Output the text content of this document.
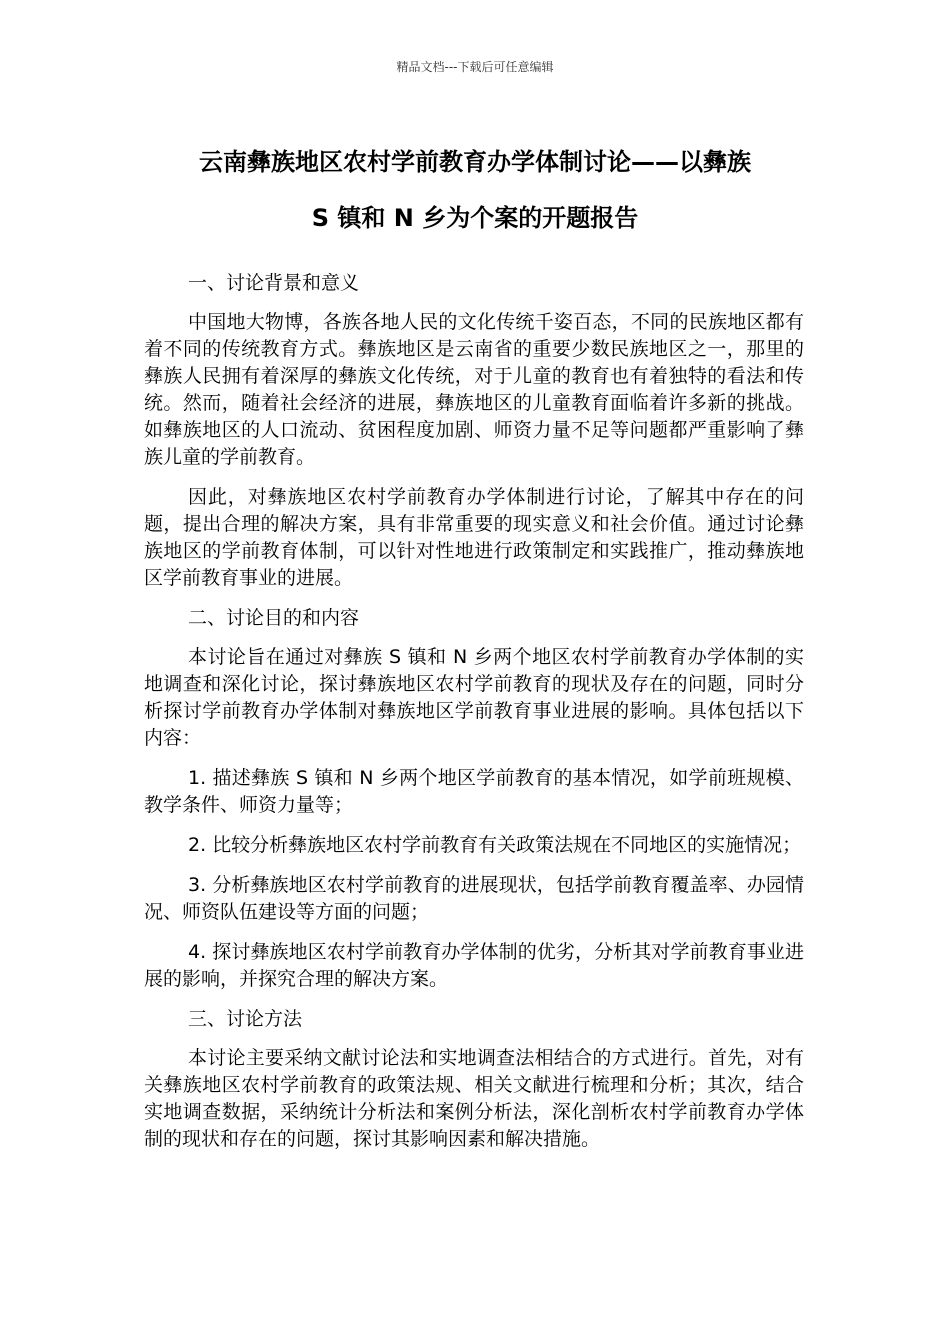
精品文档---下载后可任意编辑
云南彝族地区农村学前教育办学体制讨论——以彝族
S 镇和 N 乡为个案的开题报告

一、讨论背景和意义

中国地大物博，各族各地人民的文化传统千姿百态，不同的民族地区都有着不同的传统教育方式。彝族地区是云南省的重要少数民族地区之一，那里的彝族人民拥有着深厚的彝族文化传统，对于儿童的教育也有着独特的看法和传统。然而，随着社会经济的进展，彝族地区的儿童教育面临着许多新的挑战。如彝族地区的人口流动、贫困程度加剧、师资力量不足等问题都严重影响了彝族儿童的学前教育。

因此，对彝族地区农村学前教育办学体制进行讨论，了解其中存在的问题，提出合理的解决方案，具有非常重要的现实意义和社会价值。通过讨论彝族地区的学前教育体制，可以针对性地进行政策制定和实践推广，推动彝族地区学前教育事业的进展。

二、讨论目的和内容

本讨论旨在通过对彝族 S 镇和 N 乡两个地区农村学前教育办学体制的实地调查和深化讨论，探讨彝族地区农村学前教育的现状及存在的问题，同时分析探讨学前教育办学体制对彝族地区学前教育事业进展的影响。具体包括以下内容：

1. 描述彝族 S 镇和 N 乡两个地区学前教育的基本情况，如学前班规模、教学条件、师资力量等；

2. 比较分析彝族地区农村学前教育有关政策法规在不同地区的实施情况；

3. 分析彝族地区农村学前教育的进展现状，包括学前教育覆盖率、办园情况、师资队伍建设等方面的问题；

4. 探讨彝族地区农村学前教育办学体制的优劣，分析其对学前教育事业进展的影响，并探究合理的解决方案。

三、讨论方法

本讨论主要采纳文献讨论法和实地调查法相结合的方式进行。首先，对有关彝族地区农村学前教育的政策法规、相关文献进行梳理和分析；其次，结合实地调查数据，采纳统计分析法和案例分析法，深化剖析农村学前教育办学体制的现状和存在的问题，探讨其影响因素和解决措施。
